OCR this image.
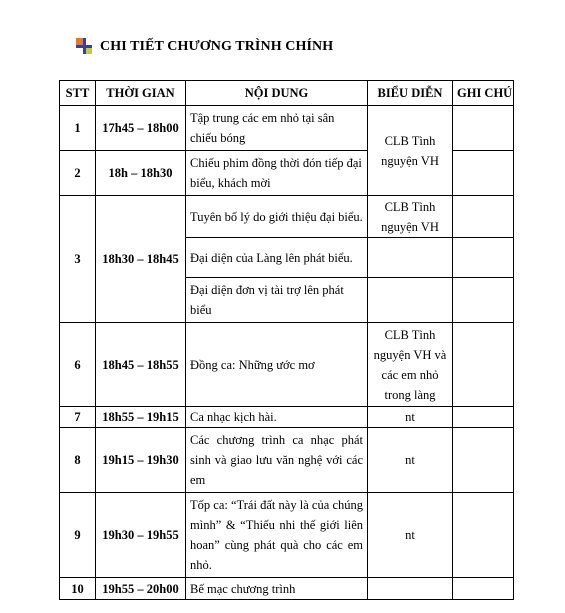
CHI TIẾT CHƯƠNG TRÌNH CHÍNH
STT	THỜI GIAN	NỘI DUNG	BIỂU DIỄN	GHI CHÚ
1	17h45 – 18h00	Tập trung các em nhỏ tại sân chiếu bóng	CLB Tình nguyện VH	
2	18h – 18h30	Chiếu phim đồng thời đón tiếp đại biểu, khách mời		
3	18h30 – 18h45	Tuyên bố lý do giới thiệu đại biểu.	CLB Tình nguyện VH	
		Đại diện của Làng lên phát biểu.		
		Đại diện đơn vị tài trợ lên phát biểu		
6	18h45 – 18h55	Đồng ca: Những ước mơ	CLB Tình nguyện VH và các em nhỏ trong làng	
7	18h55 – 19h15	Ca nhạc kịch hài.	nt	
8	19h15 – 19h30	Các chương trình ca nhạc phát sinh và giao lưu văn nghệ với các em	nt	
9	19h30 – 19h55	Tốp ca: “Trái đất này là của chúng mình” & “Thiếu nhi thế giới liên hoan” cùng phát quà cho các em nhỏ.	nt	
10	19h55 – 20h00	Bế mạc chương trình		
